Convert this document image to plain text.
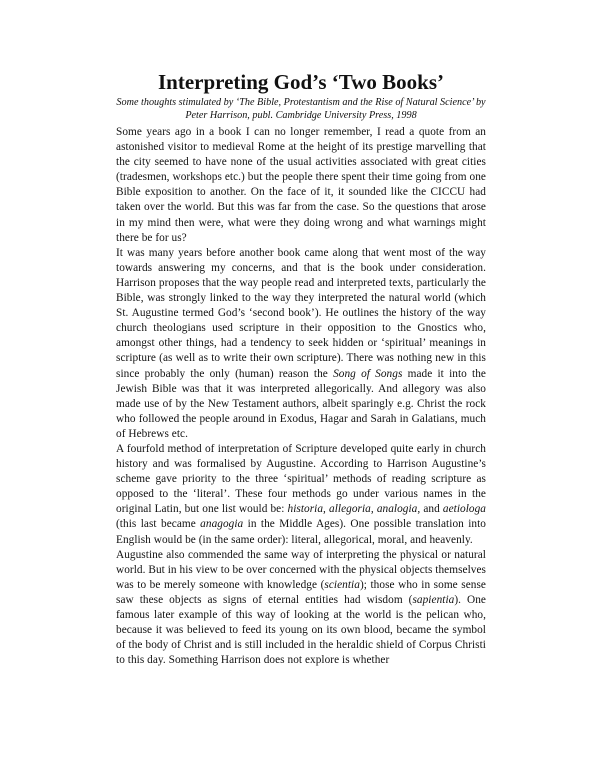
Interpreting God’s ‘Two Books’

Some thoughts stimulated by ‘The Bible, Protestantism and the Rise of Natural Science’ by Peter Harrison, publ. Cambridge University Press, 1998

Some years ago in a book I can no longer remember, I read a quote from an astonished visitor to medieval Rome at the height of its prestige marvelling that the city seemed to have none of the usual activities associated with great cities (tradesmen, workshops etc.) but the people there spent their time going from one Bible exposition to another. On the face of it, it sounded like the CICCU had taken over the world. But this was far from the case. So the questions that arose in my mind then were, what were they doing wrong and what warnings might there be for us?

It was many years before another book came along that went most of the way towards answering my concerns, and that is the book under consideration. Harrison proposes that the way people read and interpreted texts, particularly the Bible, was strongly linked to the way they interpreted the natural world (which St. Augustine termed God’s ‘second book’). He outlines the history of the way church theologians used scripture in their opposition to the Gnostics who, amongst other things, had a tendency to seek hidden or ‘spiritual’ meanings in scripture (as well as to write their own scripture). There was nothing new in this since probably the only (human) reason the Song of Songs made it into the Jewish Bible was that it was interpreted allegorically. And allegory was also made use of by the New Testament authors, albeit sparingly e.g. Christ the rock who followed the people around in Exodus, Hagar and Sarah in Galatians, much of Hebrews etc.

A fourfold method of interpretation of Scripture developed quite early in church history and was formalised by Augustine. According to Harrison Augustine’s scheme gave priority to the three ‘spiritual’ methods of reading scripture as opposed to the ‘literal’. These four methods go under various names in the original Latin, but one list would be: historia, allegoria, analogia, and aetiologa (this last became anagogia in the Middle Ages). One possible translation into English would be (in the same order): literal, allegorical, moral, and heavenly.

Augustine also commended the same way of interpreting the physical or natural world. But in his view to be over concerned with the physical objects themselves was to be merely someone with knowledge (scientia); those who in some sense saw these objects as signs of eternal entities had wisdom (sapientia). One famous later example of this way of looking at the world is the pelican who, because it was believed to feed its young on its own blood, became the symbol of the body of Christ and is still included in the heraldic shield of Corpus Christi to this day. Something Harrison does not explore is whether
